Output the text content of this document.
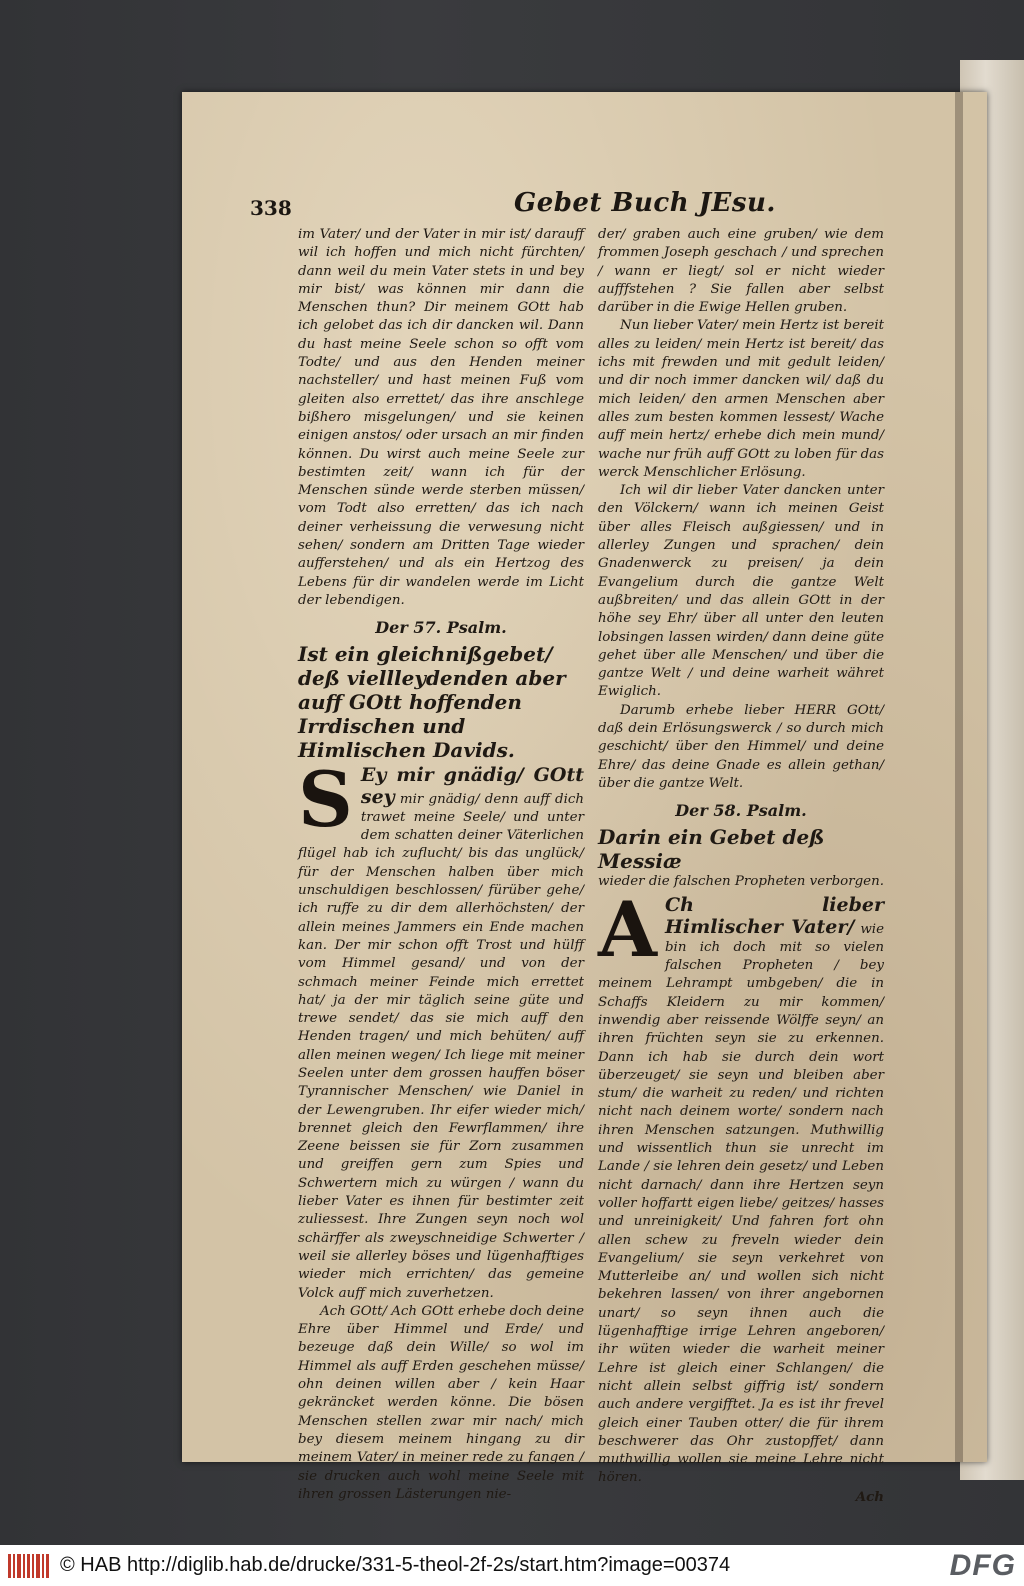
338	Gebet Buch JEsu.

im Vater/ und der Vater in mir ist/ darauff wil ich hoffen und mich nicht fürchten/ dann weil du mein Vater stets in und bey mir bist/ was können mir dann die Menschen thun? Dir meinem GOtt hab ich gelobet das ich dir dancken wil. Dann du hast meine Seele schon so offt vom Todte/ und aus den Henden meiner nachsteller/ und hast meinen Fuß vom gleiten also errettet/ das ihre anschlege bißhero misgelungen/ und sie keinen einigen anstos/ oder ursach an mir finden können. Du wirst auch meine Seele zur bestimten zeit/ wann ich für der Menschen sünde werde sterben müssen/ vom Todt also erretten/ das ich nach deiner verheissung die verwesung nicht sehen/ sondern am Dritten Tage wieder aufferstehen/ und als ein Hertzog des Lebens für dir wandelen werde im Licht der lebendigen.

Der 57. Psalm.
Ist ein gleichnißgebet/ deß viellleydenden aber auff GOtt hoffenden Irrdischen und Himlischen Davids.
S Ey mir gnädig/ GOtt sey mir gnädig/ denn auff dich trawet meine Seele/ und unter dem schatten deiner Väterlichen flügel hab ich zuflucht/ bis das unglück/ für der Menschen halben über mich unschuldigen beschlossen/ fürüber gehe/ ich ruffe zu dir dem allerhöchsten/ der allein meines Jammers ein Ende machen kan. Der mir schon offt Trost und hülff vom Himmel gesand/ und von der schmach meiner Feinde mich errettet hat/ ja der mir täglich seine güte und trewe sendet/ das sie mich auff den Henden tragen/ und mich behüten/ auff allen meinen wegen/ Ich liege mit meiner Seelen unter dem grossen hauffen böser Tyrannischer Menschen/ wie Daniel in der Lewengruben. Ihr eifer wieder mich/ brennet gleich den Fewrflammen/ ihre Zeene beissen sie für Zorn zusammen und greiffen gern zum Spies und Schwertern mich zu würgen / wann du lieber Vater es ihnen für bestimter zeit zuliessest. Ihre Zungen seyn noch wol schärffer als zweyschneidige Schwerter / weil sie allerley böses und lügenhafftiges wieder mich errichten/ das gemeine Volck auff mich zuverhetzen.

Ach GOtt/ Ach GOtt erhebe doch deine Ehre über Himmel und Erde/ und bezeuge daß dein Wille/ so wol im Himmel als auff Erden geschehen müsse/ ohn deinen willen aber / kein Haar gekräncket werden könne. Die bösen Menschen stellen zwar mir nach/ mich bey diesem meinem hingang zu dir meinem Vater/ in meiner rede zu fangen / sie drucken auch wohl meine Seele mit ihren grossen Lästerungen nie-

der/ graben auch eine gruben/ wie dem frommen Joseph geschach / und sprechen / wann er liegt/ sol er nicht wieder aufffstehen ? Sie fallen aber selbst darüber in die Ewige Hellen gruben.

Nun lieber Vater/ mein Hertz ist bereit alles zu leiden/ mein Hertz ist bereit/ das ichs mit frewden und mit gedult leiden/ und dir noch immer dancken wil/ daß du mich leiden/ den armen Menschen aber alles zum besten kommen lessest/ Wache auff mein hertz/ erhebe dich mein mund/ wache nur früh auff GOtt zu loben für das werck Menschlicher Erlösung.

Ich wil dir lieber Vater dancken unter den Völckern/ wann ich meinen Geist über alles Fleisch außgiessen/ und in allerley Zungen und sprachen/ dein Gnadenwerck zu preisen/ ja dein Evangelium durch die gantze Welt außbreiten/ und das allein GOtt in der höhe sey Ehr/ über all unter den leuten lobsingen lassen wirden/ dann deine güte gehet über alle Menschen/ und über die gantze Welt / und deine warheit währet Ewiglich.

Darumb erhebe lieber HERR GOtt/ daß dein Erlösungswerck / so durch mich geschicht/ über den Himmel/ und deine Ehre/ das deine Gnade es allein gethan/ über die gantze Welt.

Der 58. Psalm.
Darin ein Gebet deß Messiæ
wieder die falschen Propheten verborgen.
A Ch lieber Himlischer Vater/ wie bin ich doch mit so vielen falschen Propheten / bey meinem Lehrampt umbgeben/ die in Schaffs Kleidern zu mir kommen/ inwendig aber reissende Wölffe seyn/ an ihren früchten seyn sie zu erkennen. Dann ich hab sie durch dein wort überzeuget/ sie seyn und bleiben aber stum/ die warheit zu reden/ und richten nicht nach deinem worte/ sondern nach ihren Menschen satzungen. Muthwillig und wissentlich thun sie unrecht im Lande / sie lehren dein gesetz/ und Leben nicht darnach/ dann ihre Hertzen seyn voller hoffartt eigen liebe/ geitzes/ hasses und unreinigkeit/ Und fahren fort ohn allen schew zu freveln wieder dein Evangelium/ sie seyn verkehret von Mutterleibe an/ und wollen sich nicht bekehren lassen/ von ihrer angebornen unart/ so seyn ihnen auch die lügenhafftige irrige Lehren angeboren/ ihr wüten wieder die warheit meiner Lehre ist gleich einer Schlangen/ die nicht allein selbst giffrig ist/ sondern auch andere vergifftet. Ja es ist ihr frevel gleich einer Tauben otter/ die für ihrem beschwerer das Ohr zustopffet/ dann muthwillig wollen sie meine Lehre nicht hören.
Ach
© HAB http://diglib.hab.de/drucke/331-5-theol-2f-2s/start.htm?image=00374	DFG
